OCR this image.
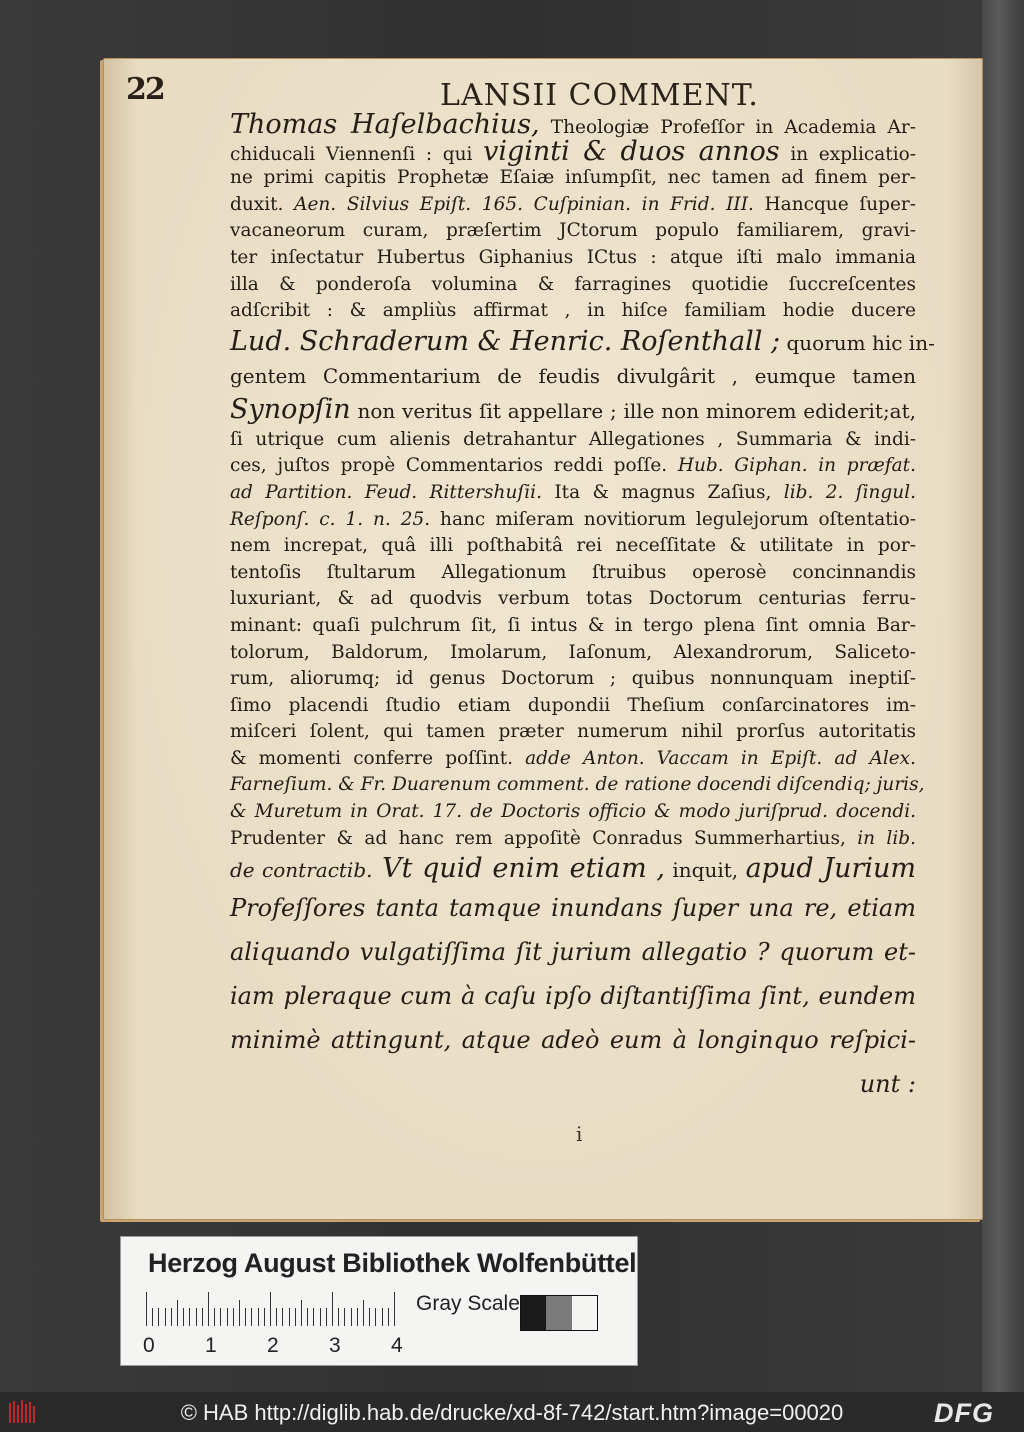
22	LANSII COMMENT.
Thomas Haſelbachius, Theologiæ Profeſſor in Academia Ar-
chiducali Viennenſi : qui viginti & duos annos in explicatio-
ne primi capitis Prophetæ Eſaiæ inſumpſit, nec tamen ad finem per-
duxit. Aen. Silvius Epiſt. 165. Cuſpinian. in Frid. III. Hancque ſuper-
vacaneorum curam, præſertim JCtorum populo familiarem, gravi-
ter inſectatur Hubertus Giphanius ICtus : atque iſti malo immania
illa & ponderoſa volumina & farragines quotidie ſuccreſcentes
adſcribit : & ampliùs affirmat , in hiſce familiam hodie ducere
Lud. Schraderum & Henric. Roſenthall ; quorum hic in-
gentem Commentarium de feudis divulgârit , eumque tamen
Synopſin non veritus ſit appellare ; ille non minorem ediderit;at,
ſi utrique cum alienis detrahantur Allegationes , Summaria & indi-
ces, juſtos propè Commentarios reddi poſſe. Hub. Giphan. in præfat.
ad Partition. Feud. Rittershuſii. Ita & magnus Zaſius, lib. 2. ſingul.
Reſponſ. c. 1. n. 25. hanc miſeram novitiorum legulejorum oſtentatio-
nem increpat, quâ illi poſthabitâ rei neceſſitate & utilitate in por-
tentoſis ſtultarum Allegationum ſtruibus operosè concinnandis
luxuriant, & ad quodvis verbum totas Doctorum centurias ferru-
minant: quaſi pulchrum ſit, ſi intus & in tergo plena ſint omnia Bar-
tolorum, Baldorum, Imolarum, Iaſonum, Alexandrorum, Saliceto-
rum, aliorumq; id genus Doctorum ; quibus nonnunquam ineptiſ-
ſimo placendi ſtudio etiam dupondii Theſium conſarcinatores im-
miſceri ſolent, qui tamen præter numerum nihil prorſus autoritatis
& momenti conferre poſſint. adde Anton. Vaccam in Epiſt. ad Alex.
Farneſium. & Fr. Duarenum comment. de ratione docendi diſcendiq; juris,
& Muretum in Orat. 17. de Doctoris officio & modo juriſprud. docendi.
Prudenter & ad hanc rem appoſitè Conradus Summerhartius, in lib.
de contractib. Vt quid enim etiam , inquit, apud Jurium
Profeſſores tanta tamque inundans ſuper una re, etiam
aliquando vulgatiſſima ſit jurium allegatio ? quorum et-
iam pleraque cum à caſu ipſo diſtantiſſima ſint, eundem
minimè attingunt, atque adeò eum à longinquo reſpici-
unt :
i
Herzog August Bibliothek Wolfenbüttel
Gray Scale
0 1 2 3 4
© HAB http://diglib.hab.de/drucke/xd-8f-742/start.htm?image=00020	DFG
